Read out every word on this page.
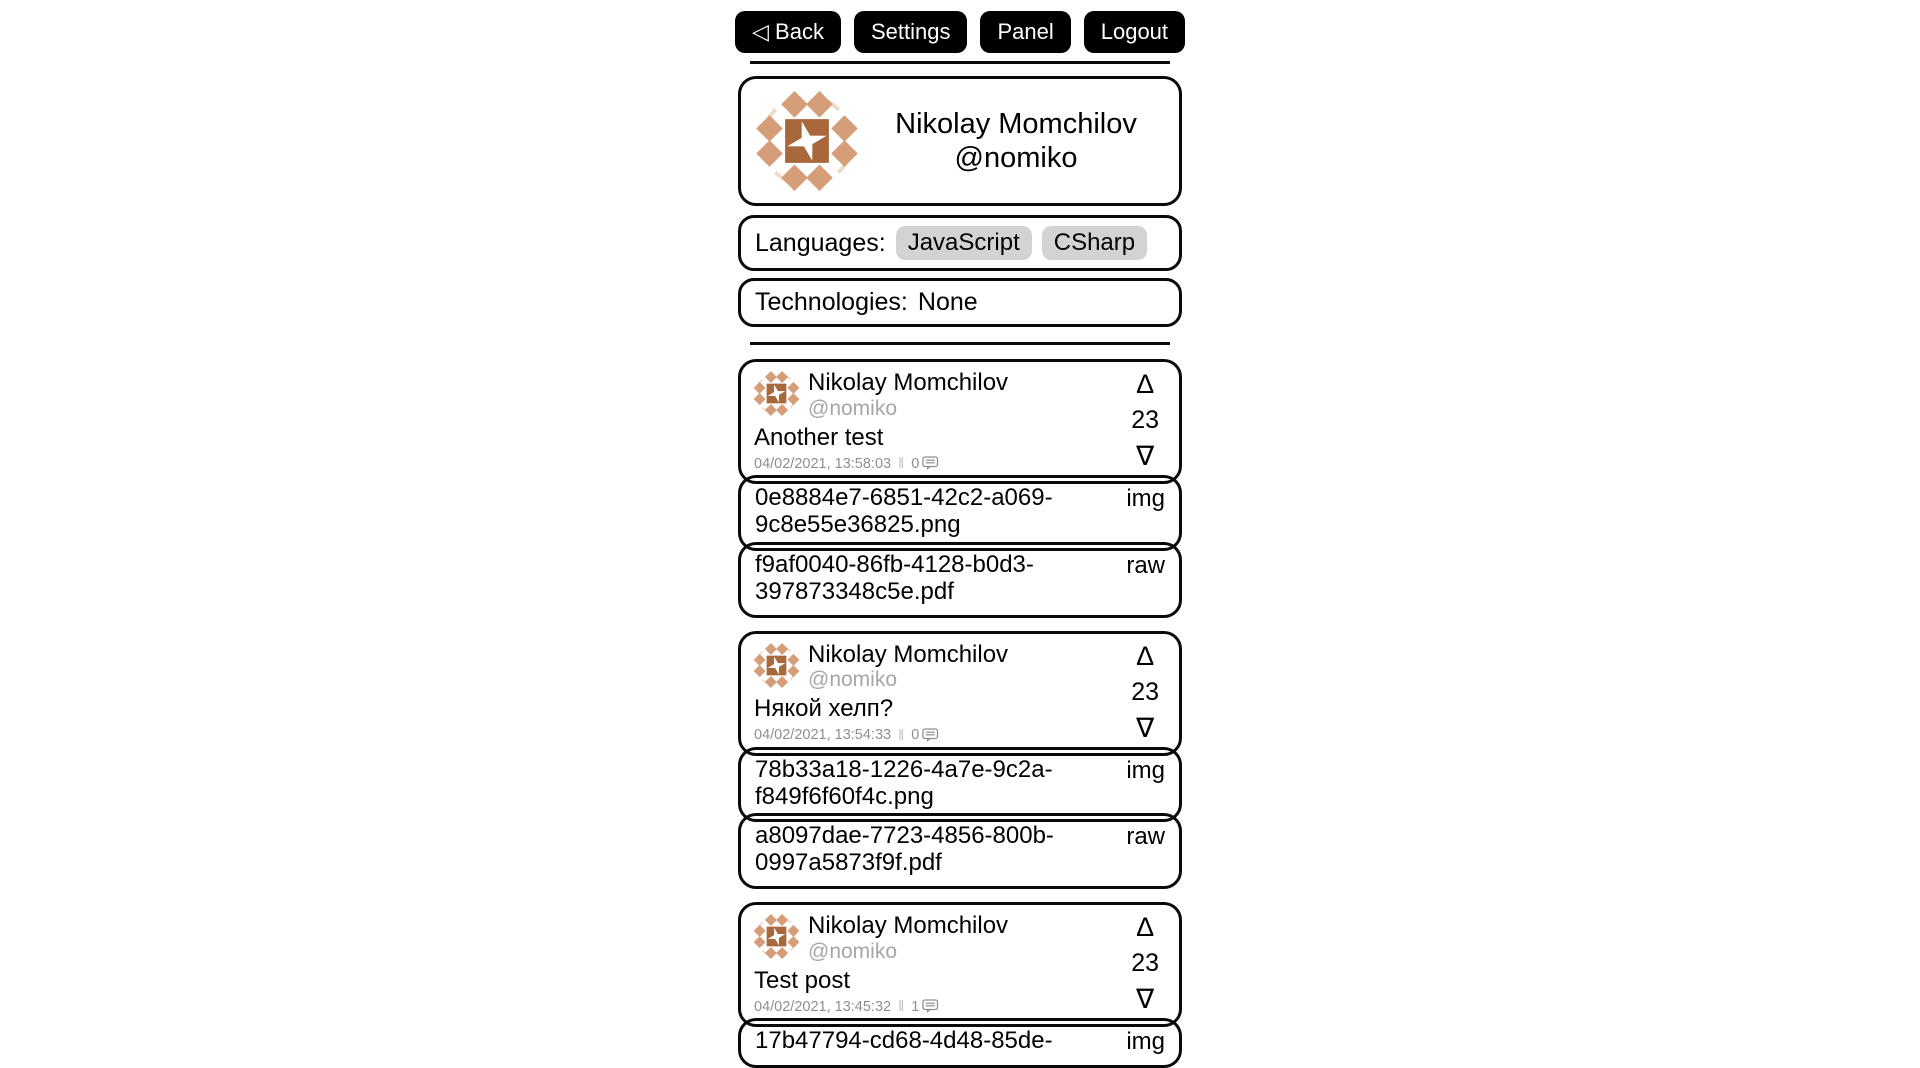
◁ Back	Settings	Panel	Logout
Nikolay Momchilov
@nomiko
Languages: JavaScript	CSharp
Technologies: None
Nikolay Momchilov
@nomiko
Another test
04/02/2021, 13:58:03 ‖ 0
Δ
23
∇
0e8884e7-6851-42c2-a069-9c8e55e36825.png
img
f9af0040-86fb-4128-b0d3-397873348c5e.pdf
raw
Nikolay Momchilov
@nomiko
Някой хелп?
04/02/2021, 13:54:33 ‖ 0
Δ
23
∇
78b33a18-1226-4a7e-9c2a-f849f6f60f4c.png
img
a8097dae-7723-4856-800b-0997a5873f9f.pdf
raw
Nikolay Momchilov
@nomiko
Test post
04/02/2021, 13:45:32 ‖ 1
Δ
23
∇
17b47794-cd68-4d48-85de-	img
